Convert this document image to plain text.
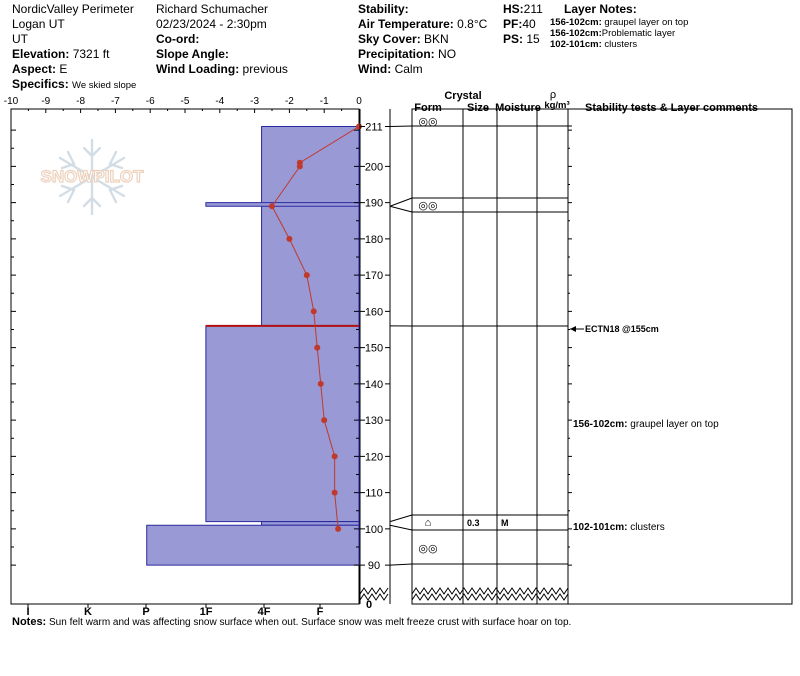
NordicValley Perimeter
Logan UT
UT
Elevation: 7321 ft
Aspect: E
Specifics: We skied slope
Richard Schumacher
02/23/2024 - 2:30pm
Co-ord:
Slope Angle:
Wind Loading: previous
Stability:
Air Temperature: 0.8°C
Sky Cover: BKN
Precipitation: NO
Wind: Calm
HS:211
PF:40
PS: 15
Layer Notes:
156-102cm: graupel layer on top
156-102cm:Problematic layer
102-101cm: clusters
SNOWPILOT
-10 -9	-8	-7	-6	-5	-4	-3	-2	-1	0
I	K	P	1F	4F	F
211
200
190
180
170
160
150
140
130
120
110
100
90
0
◎◎
◎◎
⌂	0.3 M
◎◎
ECTN18 @155cm
156-102cm: graupel layer on top
102-101cm: clusters
Crystal
Form Size Moisture
ρ
kg/m³ Stability tests & Layer comments
Notes: Sun felt warm and was affecting snow surface when out. Surface snow was melt freeze crust with surface hoar on top.
